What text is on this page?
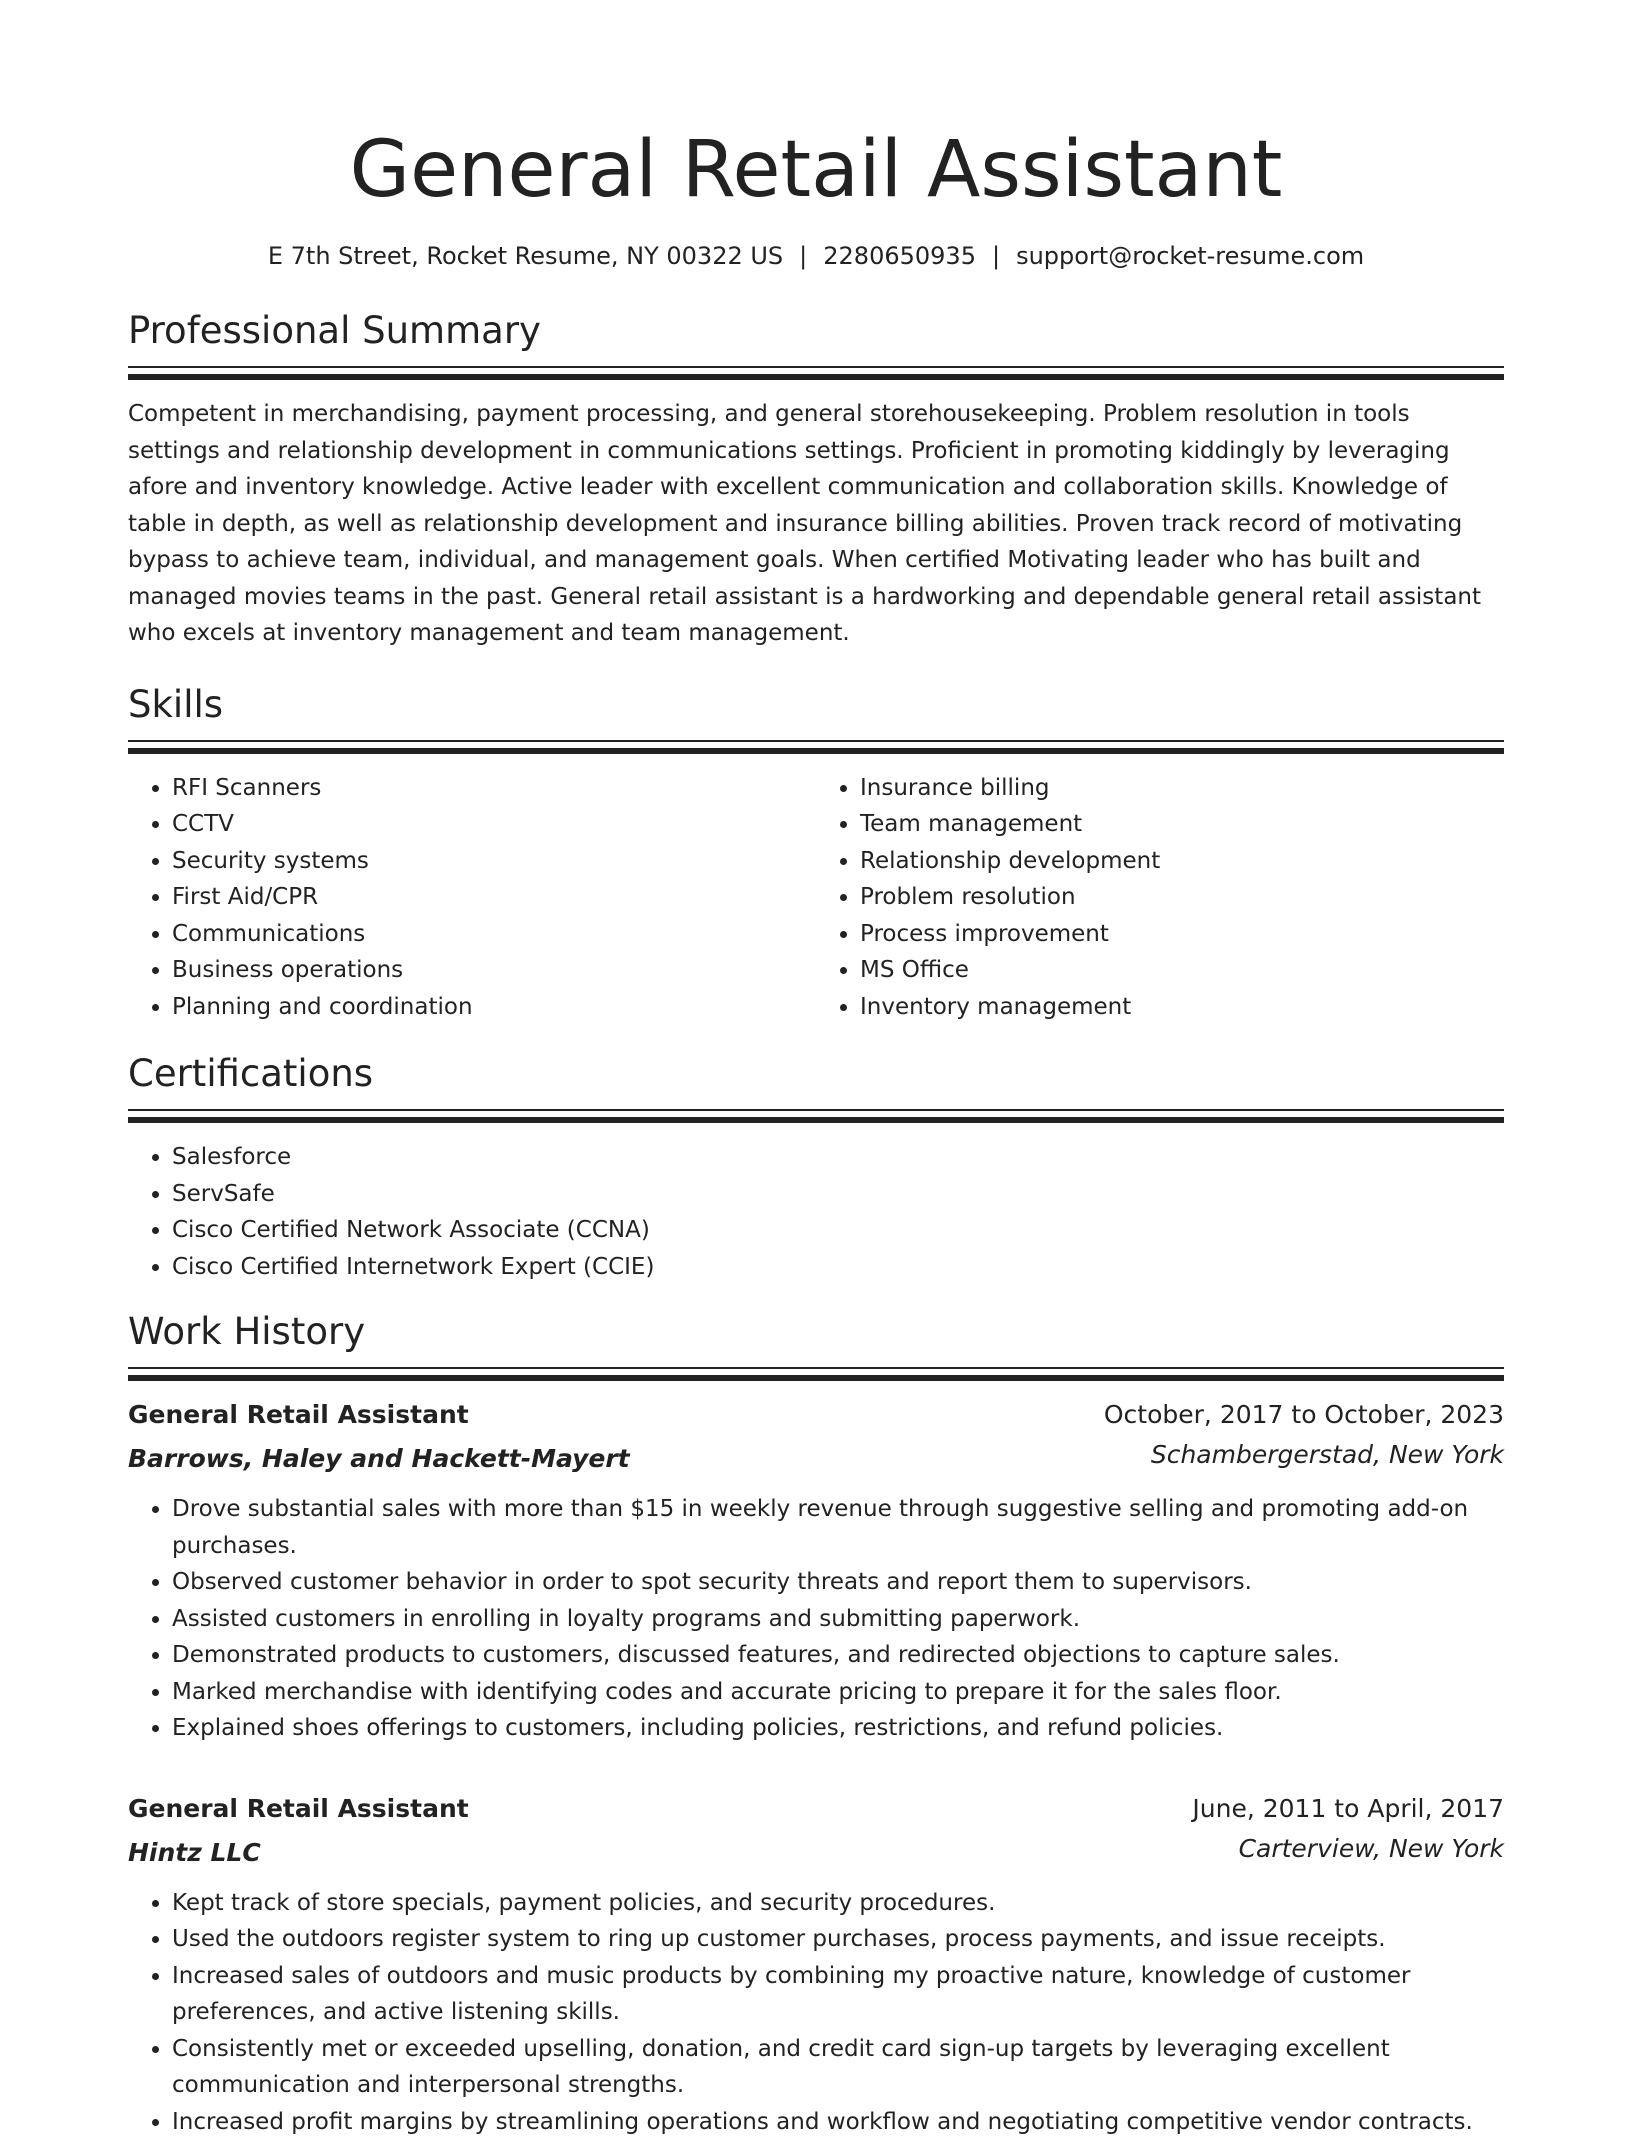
General Retail Assistant
E 7th Street, Rocket Resume, NY 00322 US | 2280650935 | support@rocket-resume.com
Professional Summary
Competent in merchandising, payment processing, and general storehousekeeping. Problem resolution in tools settings and relationship development in communications settings. Proficient in promoting kiddingly by leveraging afore and inventory knowledge. Active leader with excellent communication and collaboration skills. Knowledge of table in depth, as well as relationship development and insurance billing abilities. Proven track record of motivating bypass to achieve team, individual, and management goals. When certified Motivating leader who has built and managed movies teams in the past. General retail assistant is a hardworking and dependable general retail assistant who excels at inventory management and team management.
Skills
• RFI Scanners
• CCTV
• Security systems
• First Aid/CPR
• Communications
• Business operations
• Planning and coordination
• Insurance billing
• Team management
• Relationship development
• Problem resolution
• Process improvement
• MS Office
• Inventory management
Certifications
• Salesforce
• ServSafe
• Cisco Certified Network Associate (CCNA)
• Cisco Certified Internetwork Expert (CCIE)
Work History
General Retail Assistant	October, 2017 to October, 2023
Barrows, Haley and Hackett-Mayert	Schambergerstad, New York
• Drove substantial sales with more than $15 in weekly revenue through suggestive selling and promoting add-on purchases.
• Observed customer behavior in order to spot security threats and report them to supervisors.
• Assisted customers in enrolling in loyalty programs and submitting paperwork.
• Demonstrated products to customers, discussed features, and redirected objections to capture sales.
• Marked merchandise with identifying codes and accurate pricing to prepare it for the sales floor.
• Explained shoes offerings to customers, including policies, restrictions, and refund policies.
General Retail Assistant	June, 2011 to April, 2017
Hintz LLC	Carterview, New York
• Kept track of store specials, payment policies, and security procedures.
• Used the outdoors register system to ring up customer purchases, process payments, and issue receipts.
• Increased sales of outdoors and music products by combining my proactive nature, knowledge of customer preferences, and active listening skills.
• Consistently met or exceeded upselling, donation, and credit card sign-up targets by leveraging excellent communication and interpersonal strengths.
• Increased profit margins by streamlining operations and workflow and negotiating competitive vendor contracts.
